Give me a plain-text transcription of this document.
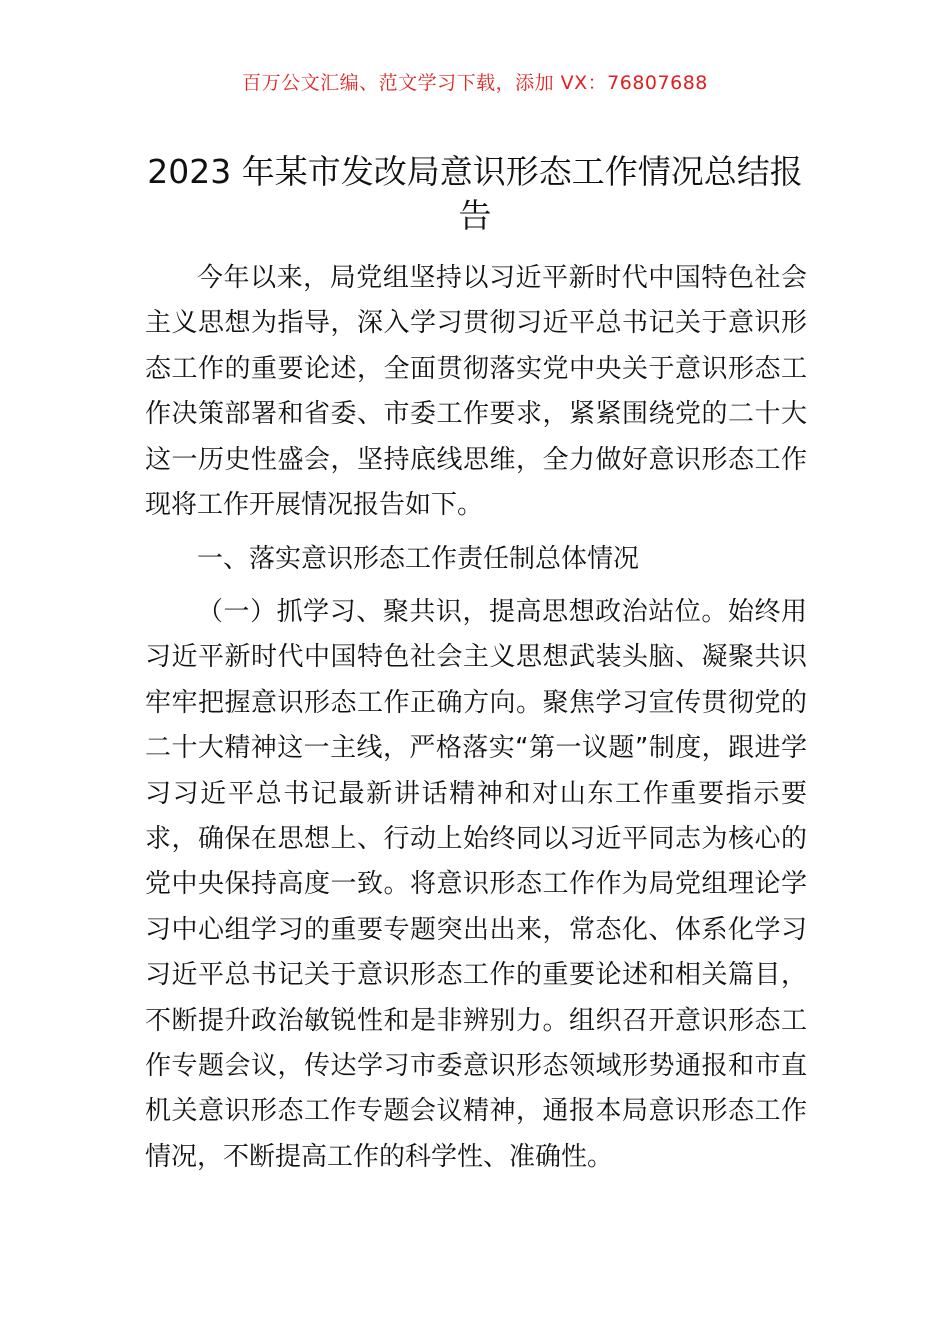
百万公文汇编、范文学习下载，添加 VX：76807688
2023 年某市发改局意识形态工作情况总结报告
今年以来，局党组坚持以习近平新时代中国特色社会主义思想为指导，深入学习贯彻习近平总书记关于意识形态工作的重要论述，全面贯彻落实党中央关于意识形态工作决策部署和省委、市委工作要求，紧紧围绕党的二十大这一历史性盛会，坚持底线思维，全力做好意识形态工作现将工作开展情况报告如下。
一、落实意识形态工作责任制总体情况
（一）抓学习、聚共识，提高思想政治站位。始终用习近平新时代中国特色社会主义思想武装头脑、凝聚共识牢牢把握意识形态工作正确方向。聚焦学习宣传贯彻党的二十大精神这一主线，严格落实“第一议题”制度，跟进学习习近平总书记最新讲话精神和对山东工作重要指示要求，确保在思想上、行动上始终同以习近平同志为核心的党中央保持高度一致。将意识形态工作作为局党组理论学习中心组学习的重要专题突出出来，常态化、体系化学习习近平总书记关于意识形态工作的重要论述和相关篇目，不断提升政治敏锐性和是非辨别力。组织召开意识形态工作专题会议，传达学习市委意识形态领域形势通报和市直机关意识形态工作专题会议精神，通报本局意识形态工作情况，不断提高工作的科学性、准确性。
